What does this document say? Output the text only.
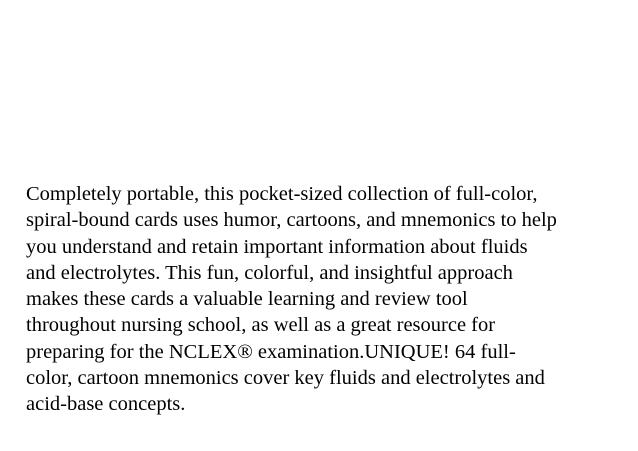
Completely portable, this pocket-sized collection of full-color,
spiral-bound cards uses humor, cartoons, and mnemonics to help
you understand and retain important information about fluids
and electrolytes. This fun, colorful, and insightful approach
makes these cards a valuable learning and review tool
throughout nursing school, as well as a great resource for
preparing for the NCLEX® examination.UNIQUE! 64 full-
color, cartoon mnemonics cover key fluids and electrolytes and
acid-base concepts.
